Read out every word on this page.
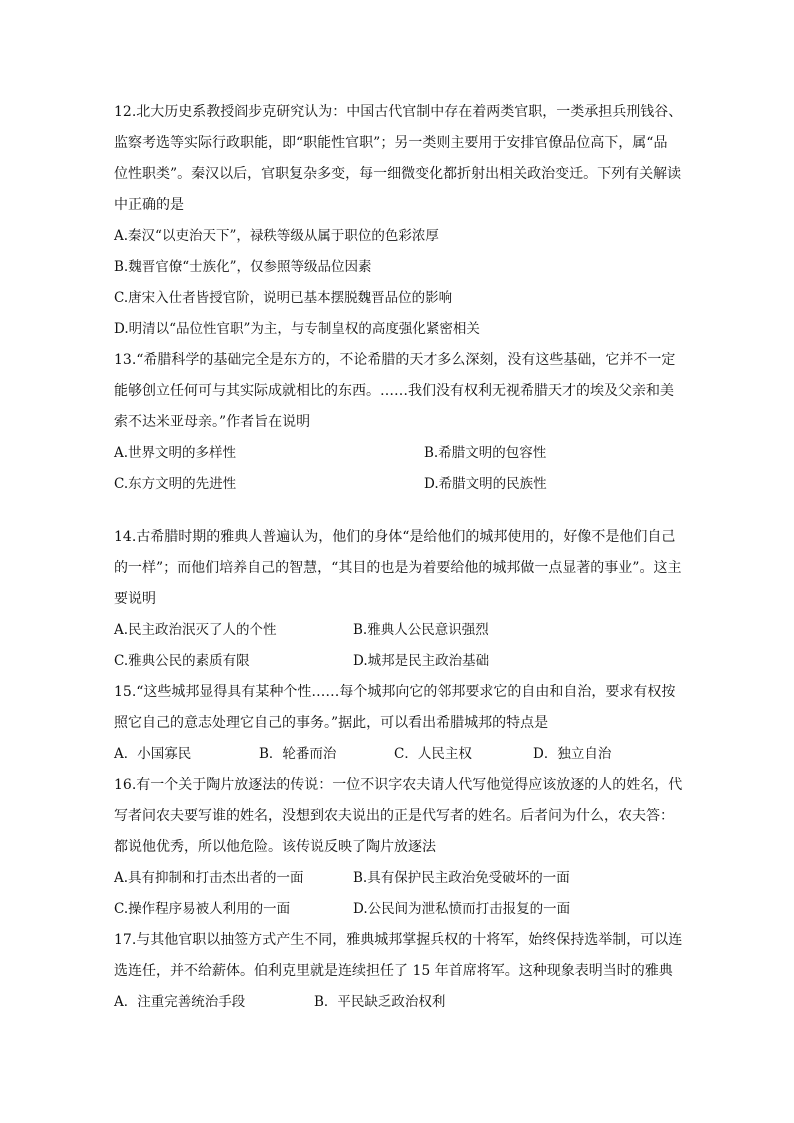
12.北大历史系教授阎步克研究认为：中国古代官制中存在着两类官职，一类承担兵刑钱谷、
监察考选等实际行政职能，即“职能性官职”；另一类则主要用于安排官僚品位高下，属“品
位性职类”。秦汉以后，官职复杂多变，每一细微变化都折射出相关政治变迁。下列有关解读
中正确的是
A.秦汉“以吏治天下”，禄秩等级从属于职位的色彩浓厚
B.魏晋官僚“士族化”，仅参照等级品位因素
C.唐宋入仕者皆授官阶，说明已基本摆脱魏晋品位的影响
D.明清以“品位性官职”为主，与专制皇权的高度强化紧密相关
13.“希腊科学的基础完全是东方的，不论希腊的天才多么深刻，没有这些基础，它并不一定
能够创立任何可与其实际成就相比的东西。……我们没有权利无视希腊天才的埃及父亲和美
索不达米亚母亲。”作者旨在说明
A.世界文明的多样性	B.希腊文明的包容性
C.东方文明的先进性	D.希腊文明的民族性
14.古希腊时期的雅典人普遍认为，他们的身体“是给他们的城邦使用的，好像不是他们自己
的一样”；而他们培养自己的智慧，“其目的也是为着要给他的城邦做一点显著的事业”。这主
要说明
A.民主政治泯灭了人的个性	B.雅典人公民意识强烈
C.雅典公民的素质有限	D.城邦是民主政治基础
15.“这些城邦显得具有某种个性……每个城邦向它的邻邦要求它的自由和自治，要求有权按
照它自己的意志处理它自己的事务。”据此，可以看出希腊城邦的特点是
A．小国寡民	B．轮番而治	C．人民主权	D．独立自治
16.有一个关于陶片放逐法的传说：一位不识字农夫请人代写他觉得应该放逐的人的姓名，代
写者问农夫要写谁的姓名，没想到农夫说出的正是代写者的姓名。后者问为什么，农夫答：
都说他优秀，所以他危险。该传说反映了陶片放逐法
A.具有抑制和打击杰出者的一面	B.具有保护民主政治免受破坏的一面
C.操作程序易被人利用的一面	D.公民间为泄私愤而打击报复的一面
17.与其他官职以抽签方式产生不同，雅典城邦掌握兵权的十将军，始终保持选举制，可以连
选连任，并不给薪体。伯利克里就是连续担任了 15 年首席将军。这种现象表明当时的雅典
A．注重完善统治手段	B．平民缺乏政治权利
